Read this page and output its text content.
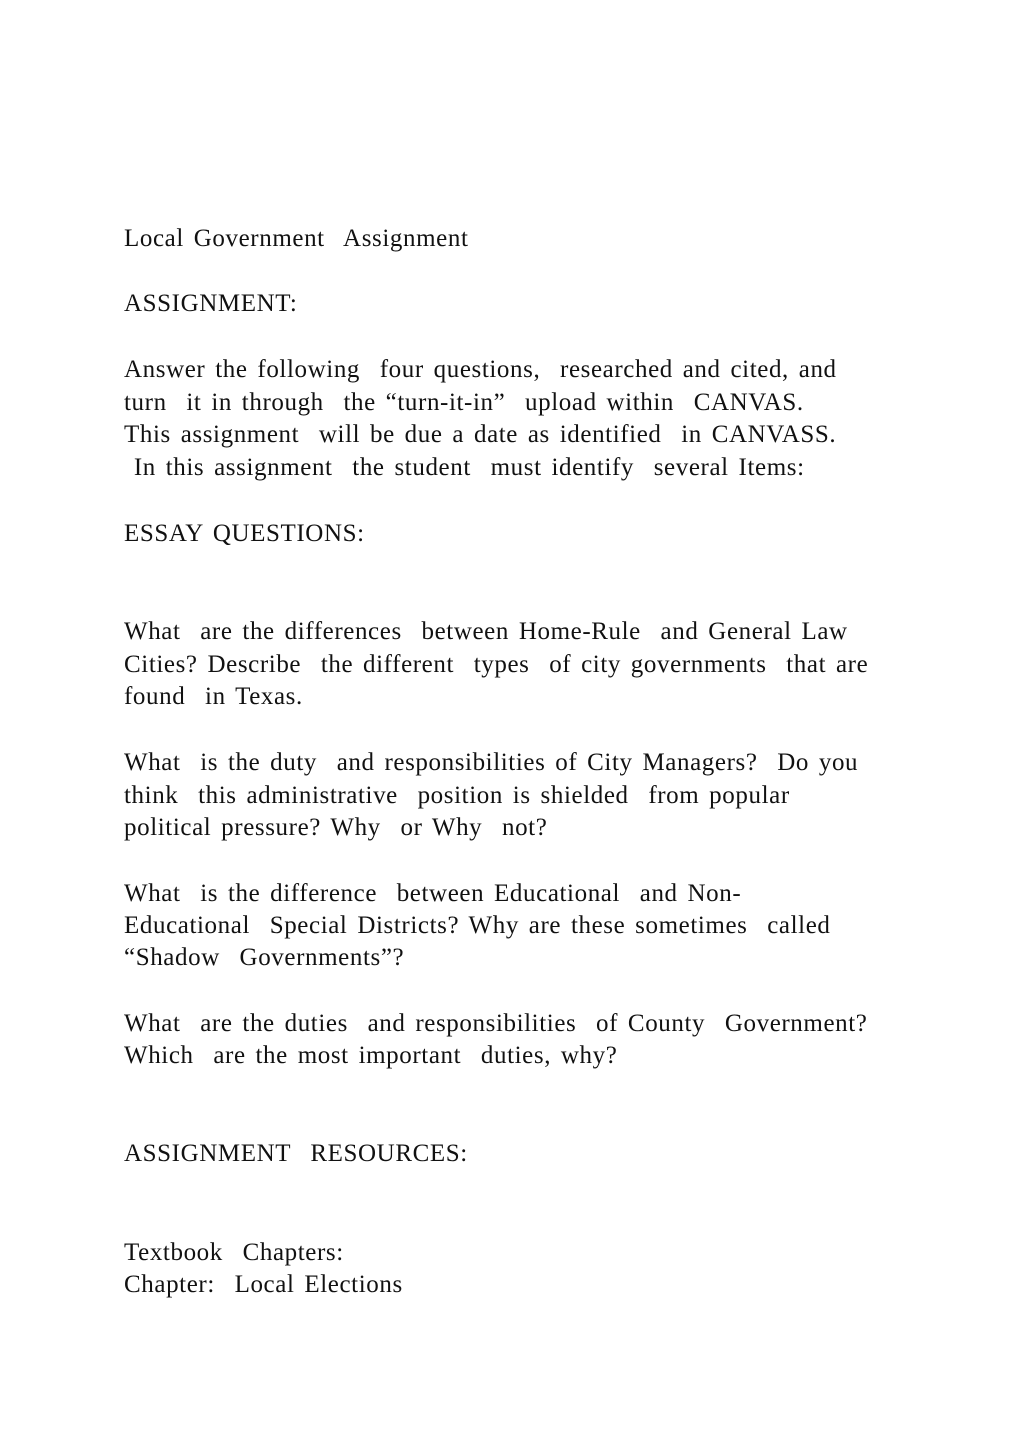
Local Government  Assignment

ASSIGNMENT:

Answer the following  four questions,  researched and cited, and

turn  it in through  the “turn-it-in”  upload within  CANVAS.

This assignment  will be due a date as identified  in CANVASS.

In this assignment  the student  must identify  several Items:

ESSAY QUESTIONS:

What  are the differences  between Home-Rule  and General Law

Cities? Describe  the different  types  of city governments  that are

found  in Texas.

What  is the duty  and responsibilities of City Managers?  Do you

think  this administrative  position is shielded  from popular

political pressure? Why  or Why  not?

What  is the difference  between Educational  and Non-

Educational  Special Districts? Why are these sometimes  called

“Shadow  Governments”?

What  are the duties  and responsibilities  of County  Government?

Which  are the most important  duties, why?

ASSIGNMENT  RESOURCES:

Textbook  Chapters:

Chapter:  Local Elections
